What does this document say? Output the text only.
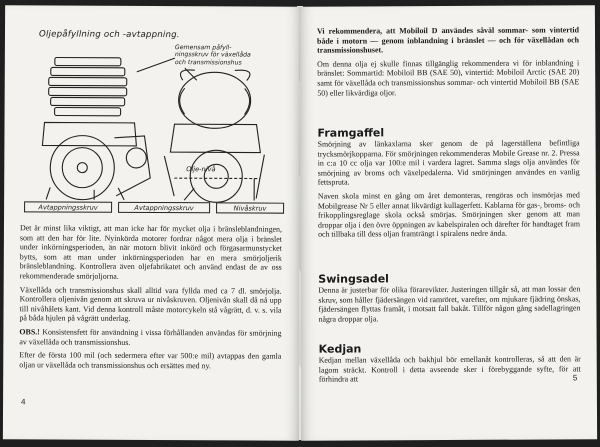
Oljepåfyllning och -avtappning.
Gemensam påfyll-ningsskruv för växellåda och transmissionshus
Olje-nivå
Avtappningsskruv	Avtappningsskruv	Nivåskruv

Det är minst lika viktigt, att man icke har för mycket olja i bränsleblandningen, som att den har för lite. Nyinkörda motorer fordrar något mera olja i bränslet under inkörningsperioden, än när motorn blivit inkörd och förgasarmunstycket bytts, som att man under inkörningsperioden har en mera smörjoljerik bränsleblandning. Kontrollera även oljefabrikatet och använd endast de av oss rekommenderade smörjoljorna.

Växellåda och transmissionshus skall alltid vara fyllda med ca 7 dl. smörjolja. Kontrollera oljenivån genom att skruva ur nivåskruven. Oljenivån skall då nå upp till nivåhålets kant. Vid denna kontroll måste motorcykeln stå vågrätt, d. v. s. vila på båda hjulen på vågrätt underlag.

OBS.! Konsistensfett för användning i vissa förhållanden användas för smörjning av växellåda och transmissionshus.

Efter de första 100 mil (och sedermera efter var 500:e mil) avtappas den gamla oljan ur växellåda och transmissionshus och ersättes med ny.

4

Vi rekommendera, att Mobiloil D användes såväl sommar- som vintertid både i motorn — genom inblandning i bränslet — och för växellådan och transmissionshuset.

Om denna olja ej skulle finnas tillgänglig rekommendera vi för inblandning i bränslet: Sommartid: Mobiloil BB (SAE 50), vintertid: Mobiloil Arctic (SAE 20) samt för växellåda och transmissionshus sommar- och vintertid Mobiloil BB (SAE 50) eller likvärdiga oljor.

Framgaffel

Smörjning av länkaxlarna sker genom de på lagerställena befintliga trycksmörjkopparna. För smörjningen rekommenderas Mobile Grease nr. 2. Pressa in c:a 10 cc olja var 100:e mil i vardera lagret. Samma slags olja användes för smörjning av broms och växelpedalerna. Vid smörjningen användes en vanlig fettspruta.

Naven skola minst en gång om året demonteras, rengöras och insmörjas med Mobilgrease Nr 5 eller annat likvärdigt kullagerfett. Kablarna för gas-, broms- och frikopplingsreglage skola också smörjas. Smörjningen sker genom att man droppar olja i den övre öppningen av kabelspiralen och därefter för handtaget fram och tillbaka till dess oljan framträngt i spiralens nedre ända.

Swingsadel

Denna är justerbar för olika förarevikter. Justeringen tillgår så, att man lossar den skruv, som håller fjädersängen vid ramröret, varefter, om mjukare fjädring önskas, fjädersängen flyttas framåt, i motsatt fall bakåt. Tillför någon gång sadellagringen några droppar olja.

Kedjan

Kedjan mellan växellåda och bakhjul bör emellanåt kontrolleras, så att den är lagom sträckt. Kontroll i detta avseende sker i förebyggande syfte, för att förhindra att	5
